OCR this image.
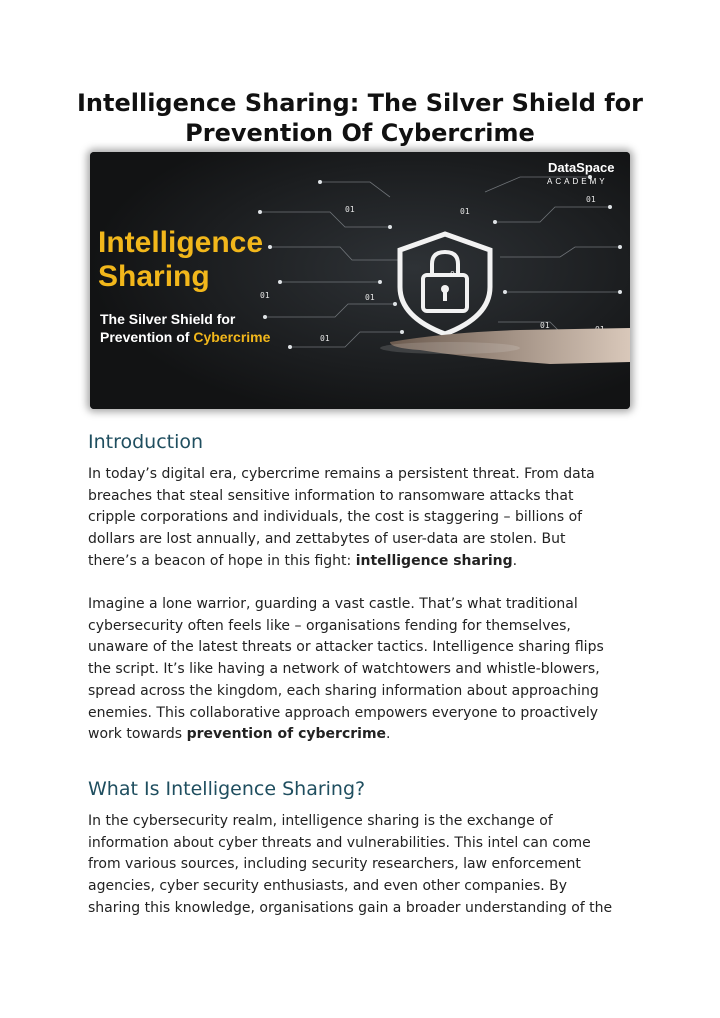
Intelligence Sharing: The Silver Shield for
Prevention Of Cybercrime
01	01
01
01	01
01
01
01
DataSpace
ACADEMY
Intelligence
Sharing
The Silver Shield for
Prevention of Cybercrime
Introduction

In today’s digital era, cybercrime remains a persistent threat. From data
breaches that steal sensitive information to ransomware attacks that
cripple corporations and individuals, the cost is staggering – billions of
dollars are lost annually, and zettabytes of user-data are stolen. But
there’s a beacon of hope in this fight: intelligence sharing.

Imagine a lone warrior, guarding a vast castle. That’s what traditional
cybersecurity often feels like – organisations fending for themselves,
unaware of the latest threats or attacker tactics. Intelligence sharing flips
the script. It’s like having a network of watchtowers and whistle-blowers,
spread across the kingdom, each sharing information about approaching
enemies. This collaborative approach empowers everyone to proactively
work towards prevention of cybercrime.

What Is Intelligence Sharing?

In the cybersecurity realm, intelligence sharing is the exchange of
information about cyber threats and vulnerabilities. This intel can come
from various sources, including security researchers, law enforcement
agencies, cyber security enthusiasts, and even other companies. By
sharing this knowledge, organisations gain a broader understanding of the
